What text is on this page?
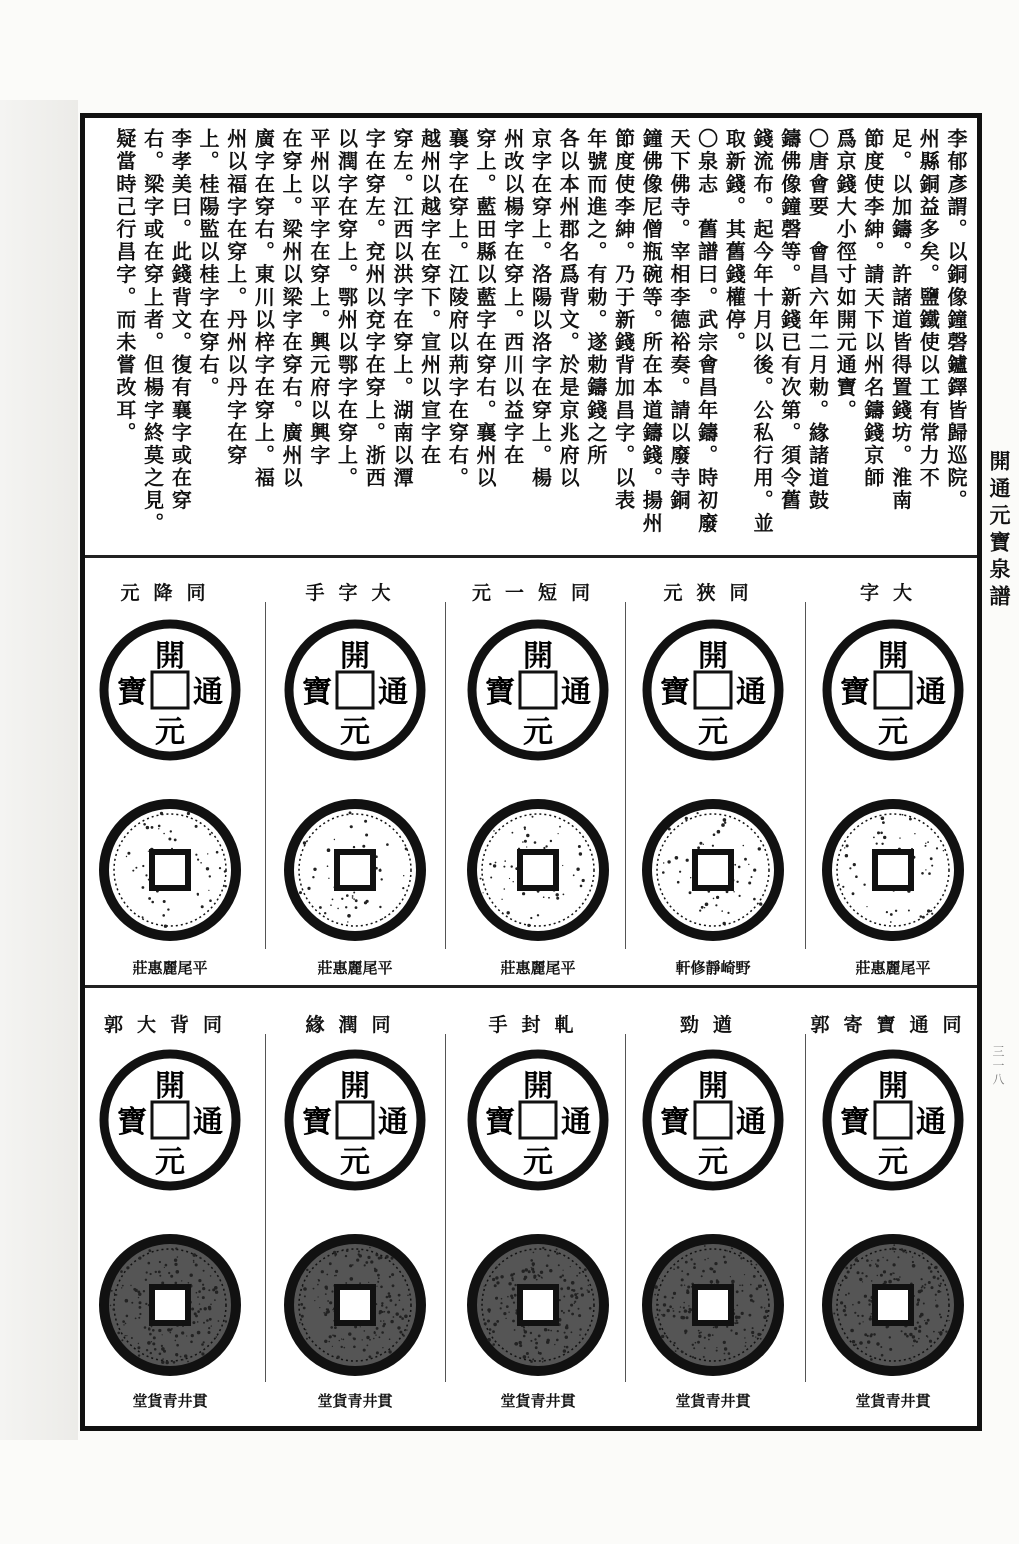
李郁彥謂。以銅像鐘磬鑪鐸皆歸巡院。
州縣銅益多矣。鹽鐵使以工有常力不
足。以加鑄。許諸道皆得置錢坊。淮南
節度使李紳。請天下以州名鑄錢京師
爲京錢大小徑寸如開元通寶。
〇唐會要　會昌六年二月勅。緣諸道鼓
鑄佛像鐘磬等。新錢已有次第。須令舊
錢流布。起今年十月以後。公私行用。並
取新錢。其舊錢權停。
〇泉志　舊譜曰。武宗會昌年鑄。時初廢
天下佛寺。宰相李德裕奏。請以廢寺銅
鐘佛像尼僧瓶碗等。所在本道鑄錢。揚州
節度使李紳。乃于新錢背加昌字。以表
年號而進之。有勅。遂勅鑄錢之所
各以本州郡名爲背文。於是京兆府以
京字在穿上。洛陽以洛字在穿上。楊
州改以楊字在穿上。西川以益字在
穿上。藍田縣以藍字在穿右。襄州以
襄字在穿上。江陵府以荊字在穿右。
越州以越字在穿下。宣州以宣字在
穿左。江西以洪字在穿上。湖南以潭
字在穿左。兗州以兗字在穿上。浙西
以潤字在穿上。鄂州以鄂字在穿上。
平州以平字在穿上。興元府以興字
在穿上。梁州以梁字在穿右。廣州以
廣字在穿右。東川以梓字在穿上。福
州以福字在穿上。丹州以丹字在穿
上。桂陽監以桂字在穿右。
李孝美曰。此錢背文。復有襄字或在穿
右。梁字或在穿上者。但楊字終莫之見。
疑當時己行昌字。而未嘗改耳。
同降元
平尾麗惠莊
開
通
元
寶
大字手
平尾麗惠莊
開
通
元
寶
同短一元
平尾麗惠莊
開
通
元
寶
同狹元
野崎靜修軒
開
通
元
寶
大字
平尾麗惠莊
開
通
元
寶
同背大郭
貫井青貨堂
開
通
元
寶
同潤緣
貫井青貨堂
開
通
元
寶
軋封手
貫井青貨堂
開
通
元
寶
遒勁
貫井青貨堂
開
通
元
寶
同通寶寄郭
貫井青貨堂
開
通
元
寶
開通元寶泉譜
三一八
